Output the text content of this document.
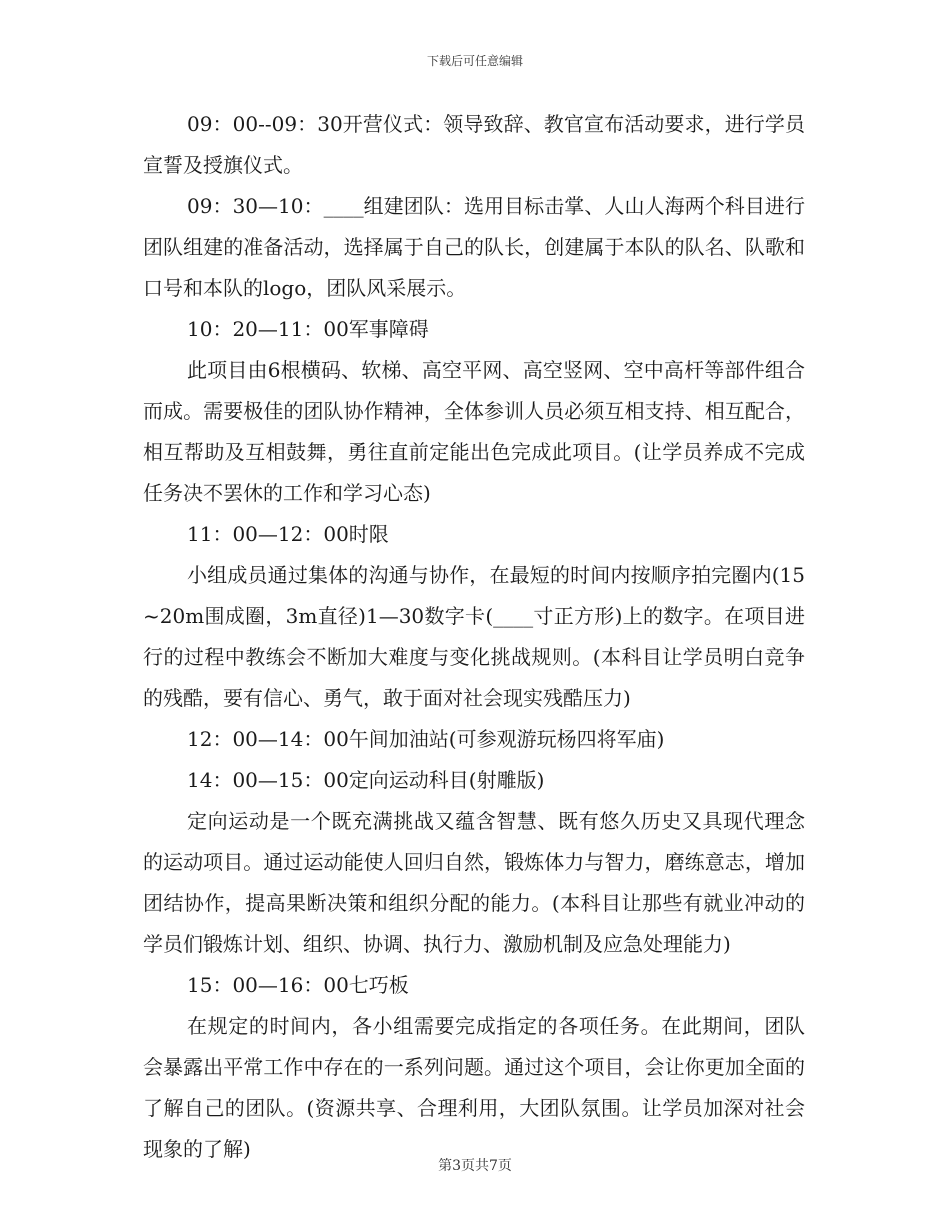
下载后可任意编辑

09：00--09：30开营仪式：领导致辞、教官宣布活动要求，进行学员宣誓及授旗仪式。

09：30—10：____组建团队：选用目标击掌、人山人海两个科目进行团队组建的准备活动，选择属于自己的队长，创建属于本队的队名、队歌和口号和本队的logo，团队风采展示。

10：20—11：00军事障碍

此项目由6根横码、软梯、高空平网、高空竖网、空中高杆等部件组合而成。需要极佳的团队协作精神，全体参训人员必须互相支持、相互配合，相互帮助及互相鼓舞，勇往直前定能出色完成此项目。(让学员养成不完成任务决不罢休的工作和学习心态)

11：00—12：00时限

小组成员通过集体的沟通与协作，在最短的时间内按顺序拍完圈内(15~20m围成圈，3m直径)1—30数字卡(____寸正方形)上的数字。在项目进行的过程中教练会不断加大难度与变化挑战规则。(本科目让学员明白竞争的残酷，要有信心、勇气，敢于面对社会现实残酷压力)

12：00—14：00午间加油站(可参观游玩杨四将军庙)

14：00—15：00定向运动科目(射雕版)

定向运动是一个既充满挑战又蕴含智慧、既有悠久历史又具现代理念的运动项目。通过运动能使人回归自然，锻炼体力与智力，磨练意志，增加团结协作，提高果断决策和组织分配的能力。(本科目让那些有就业冲动的学员们锻炼计划、组织、协调、执行力、激励机制及应急处理能力)

15：00—16：00七巧板

在规定的时间内，各小组需要完成指定的各项任务。在此期间，团队会暴露出平常工作中存在的一系列问题。通过这个项目，会让你更加全面的了解自己的团队。(资源共享、合理利用，大团队氛围。让学员加深对社会现象的了解)

第3页共7页
